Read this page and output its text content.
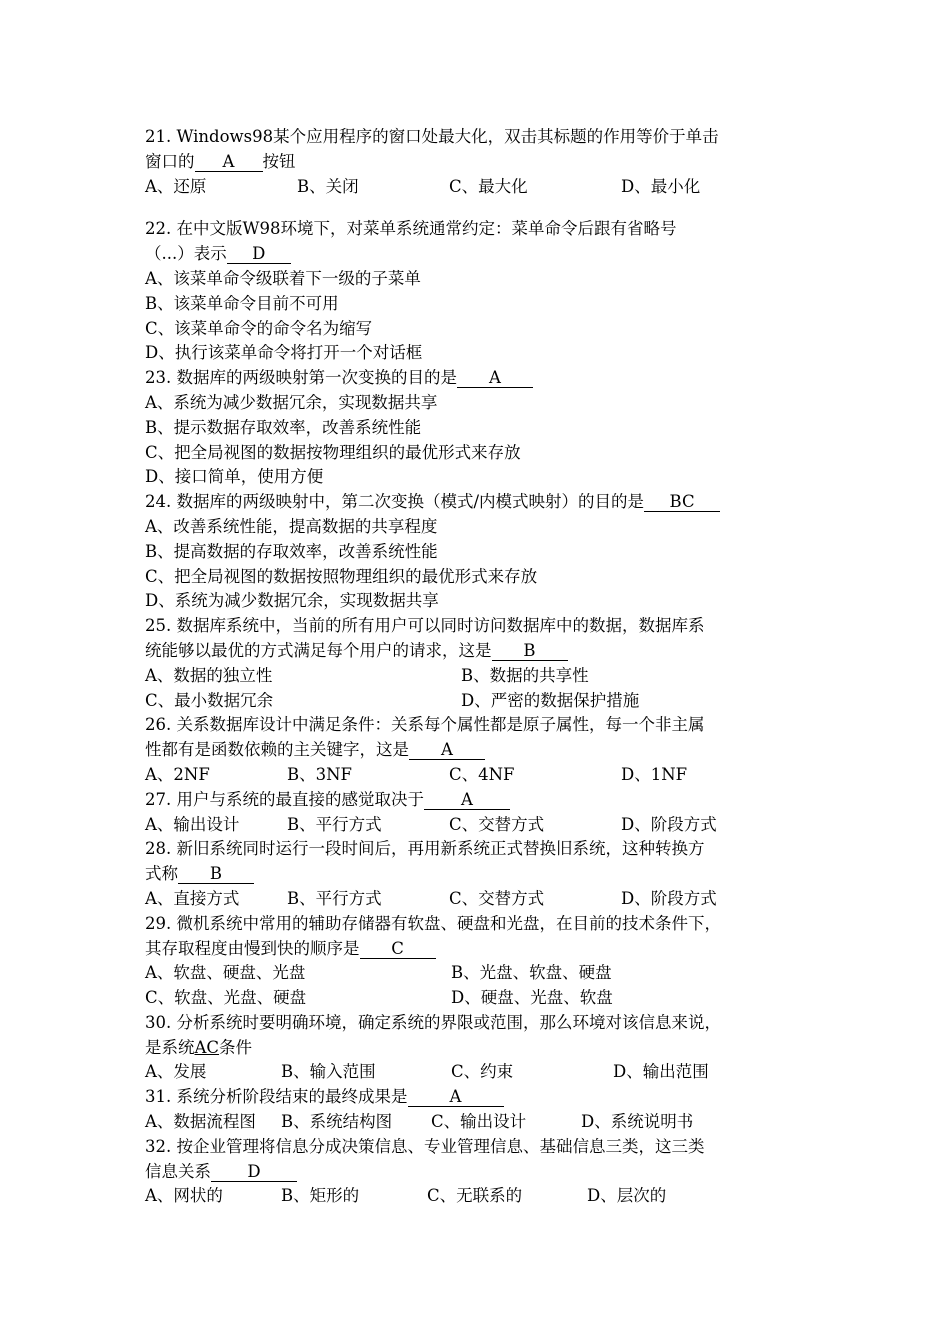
21. Windows98某个应用程序的窗口处最大化，双击其标题的作用等价于单击
窗口的 A 按钮
A、还原	B、关闭	C、最大化	D、最小化
22. 在中文版W98环境下，对菜单系统通常约定：菜单命令后跟有省略号
（...）表示 D
A、该菜单命令级联着下一级的子菜单
B、该菜单命令目前不可用
C、该菜单命令的命令名为缩写
D、执行该菜单命令将打开一个对话框
23. 数据库的两级映射第一次变换的目的是 A
A、系统为减少数据冗余，实现数据共享
B、提示数据存取效率，改善系统性能
C、把全局视图的数据按物理组织的最优形式来存放
D、接口简单，使用方便
24. 数据库的两级映射中，第二次变换（模式/内模式映射）的目的是 BC
A、改善系统性能，提高数据的共享程度
B、提高数据的存取效率，改善系统性能
C、把全局视图的数据按照物理组织的最优形式来存放
D、系统为减少数据冗余，实现数据共享
25. 数据库系统中，当前的所有用户可以同时访问数据库中的数据，数据库系
统能够以最优的方式满足每个用户的请求，这是 B
A、数据的独立性	B、数据的共享性
C、最小数据冗余	D、严密的数据保护措施
26. 关系数据库设计中满足条件：关系每个属性都是原子属性，每一个非主属
性都有是函数依赖的主关键字，这是 A
A、2NF	B、3NF	C、4NF	D、1NF
27. 用户与系统的最直接的感觉取决于 A
A、输出设计	B、平行方式	C、交替方式	D、阶段方式
28. 新旧系统同时运行一段时间后，再用新系统正式替换旧系统，这种转换方
式称 B
A、直接方式	B、平行方式	C、交替方式	D、阶段方式
29. 微机系统中常用的辅助存储器有软盘、硬盘和光盘，在目前的技术条件下，
其存取程度由慢到快的顺序是 C
A、软盘、硬盘、光盘	B、光盘、软盘、硬盘
C、软盘、光盘、硬盘	D、硬盘、光盘、软盘
30. 分析系统时要明确环境，确定系统的界限或范围，那么环境对该信息来说，
是系统AC条件
A、发展	B、输入范围	C、约束	D、输出范围
31. 系统分析阶段结束的最终成果是	A
A、数据流程图	B、系统结构图	C、输出设计	D、系统说明书
32. 按企业管理将信息分成决策信息、专业管理信息、基础信息三类，这三类
信息关系 D
A、网状的	B、矩形的	C、无联系的	D、层次的
